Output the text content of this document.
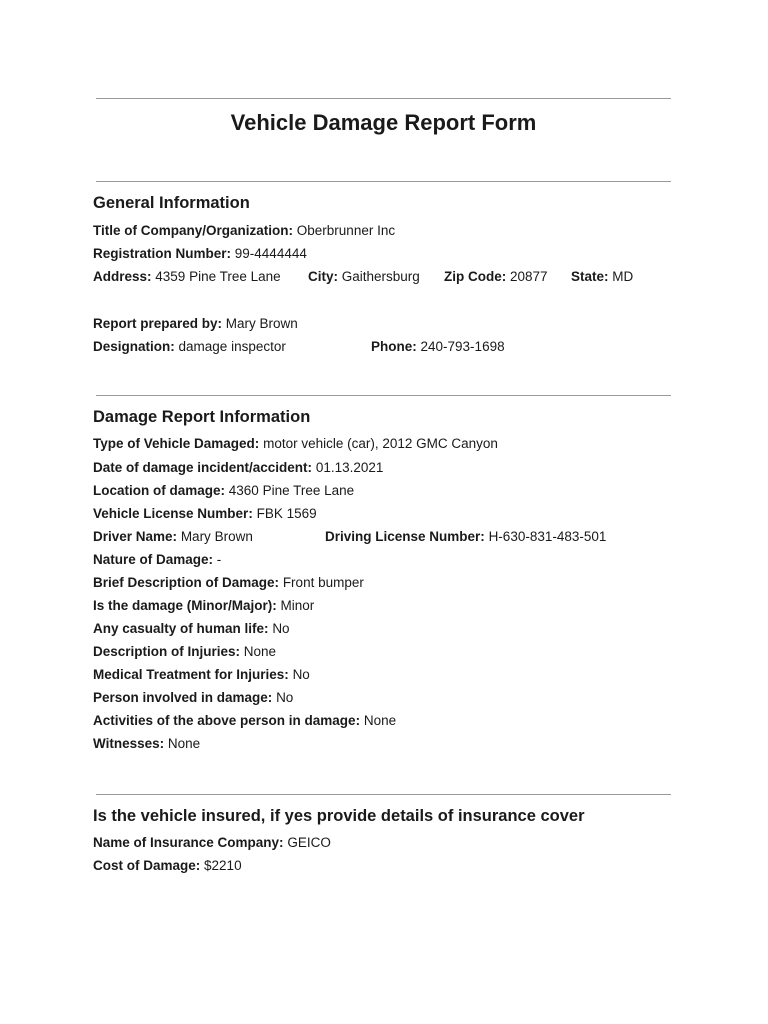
Vehicle Damage Report Form
General Information
Title of Company/Organization: Oberbrunner Inc
Registration Number: 99-4444444
Address: 4359 Pine Tree Lane City: Gaithersburg Zip Code: 20877 State: MD
Report prepared by: Mary Brown
Designation: damage inspector	Phone: 240-793-1698
Damage Report Information
Type of Vehicle Damaged: motor vehicle (car), 2012 GMC Canyon
Date of damage incident/accident: 01.13.2021
Location of damage: 4360 Pine Tree Lane
Vehicle License Number: FBK 1569
Driver Name: Mary Brown	Driving License Number: H-630-831-483-501
Nature of Damage: -
Brief Description of Damage: Front bumper
Is the damage (Minor/Major): Minor
Any casualty of human life: No
Description of Injuries: None
Medical Treatment for Injuries: No
Person involved in damage: No
Activities of the above person in damage: None
Witnesses: None
Is the vehicle insured, if yes provide details of insurance cover
Name of Insurance Company: GEICO
Cost of Damage: $2210
